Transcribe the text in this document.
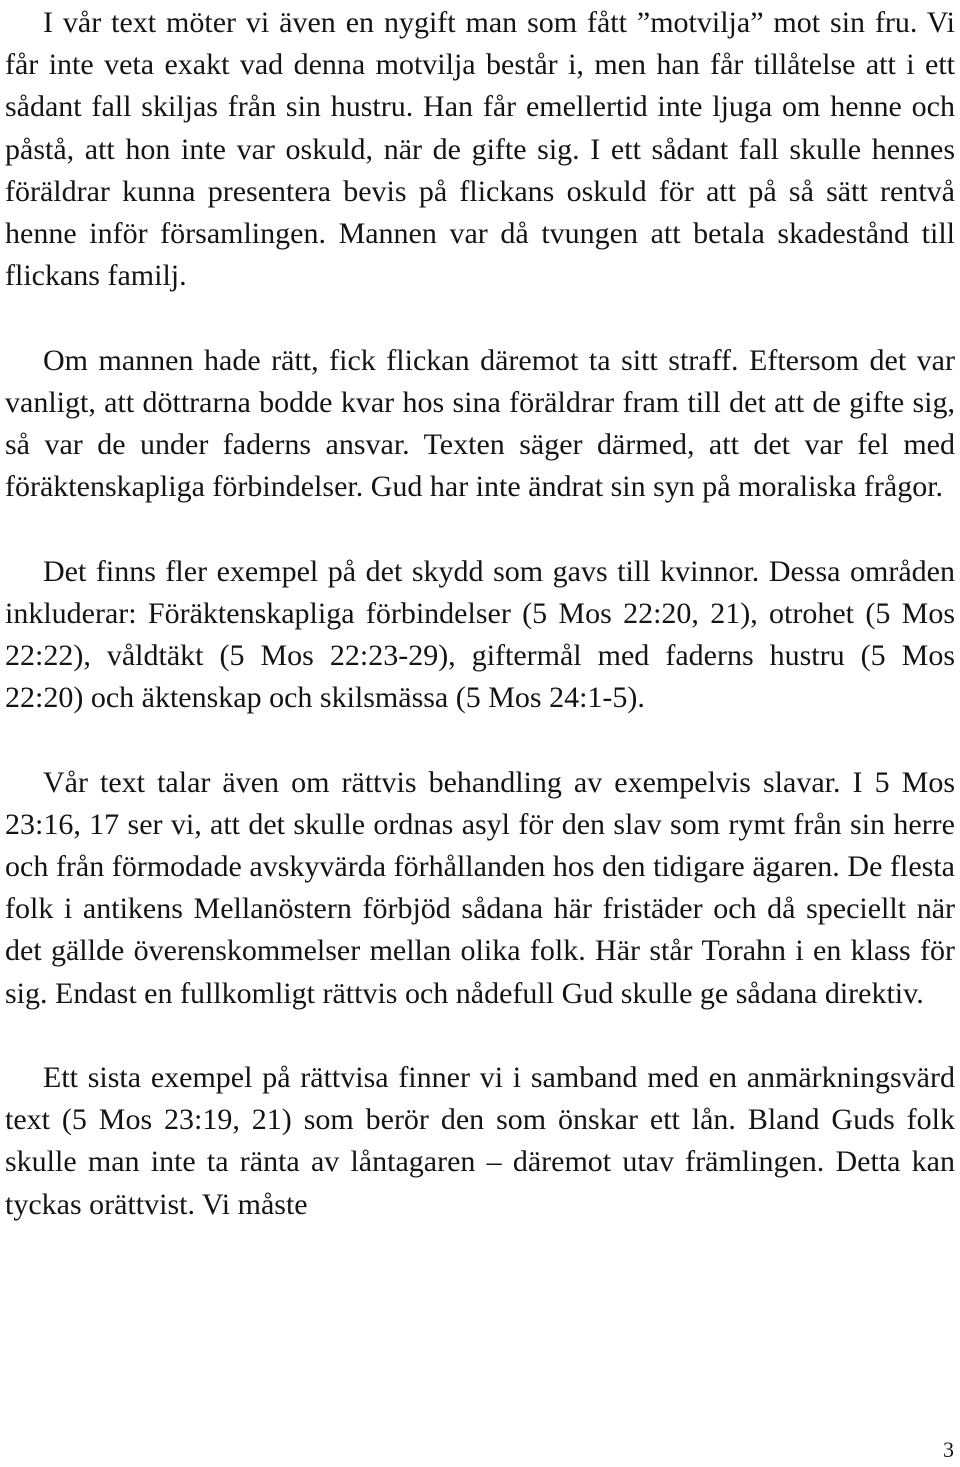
I vår text möter vi även en nygift man som fått ”motvilja” mot sin fru. Vi får inte veta exakt vad denna motvilja består i, men han får tillåtelse att i ett sådant fall skiljas från sin hustru. Han får emellertid inte ljuga om henne och påstå, att hon inte var oskuld, när de gifte sig. I ett sådant fall skulle hennes föräldrar kunna presentera bevis på flickans oskuld för att på så sätt rentvå henne inför församlingen. Mannen var då tvungen att betala skadestånd till flickans familj.

Om mannen hade rätt, fick flickan däremot ta sitt straff. Eftersom det var vanligt, att döttrarna bodde kvar hos sina föräldrar fram till det att de gifte sig, så var de under faderns ansvar. Texten säger därmed, att det var fel med föräktenskapliga förbindelser. Gud har inte ändrat sin syn på moraliska frågor.

Det finns fler exempel på det skydd som gavs till kvinnor. Dessa områden inkluderar: Föräktenskapliga förbindelser (5 Mos 22:20, 21), otrohet (5 Mos 22:22), våldtäkt (5 Mos 22:23-29), giftermål med faderns hustru (5 Mos 22:20) och äktenskap och skilsmässa (5 Mos 24:1-5).

Vår text talar även om rättvis behandling av exempelvis slavar. I 5 Mos 23:16, 17 ser vi, att det skulle ordnas asyl för den slav som rymt från sin herre och från förmodade avskyvärda förhållanden hos den tidigare ägaren. De flesta folk i antikens Mellanöstern förbjöd sådana här fristäder och då speciellt när det gällde överenskommelser mellan olika folk. Här står Torahn i en klass för sig. Endast en fullkomligt rättvis och nådefull Gud skulle ge sådana direktiv.

Ett sista exempel på rättvisa finner vi i samband med en anmärkningsvärd text (5 Mos 23:19, 21) som berör den som önskar ett lån. Bland Guds folk skulle man inte ta ränta av låntagaren – däremot utav främlingen. Detta kan tyckas orättvist. Vi måste

3
